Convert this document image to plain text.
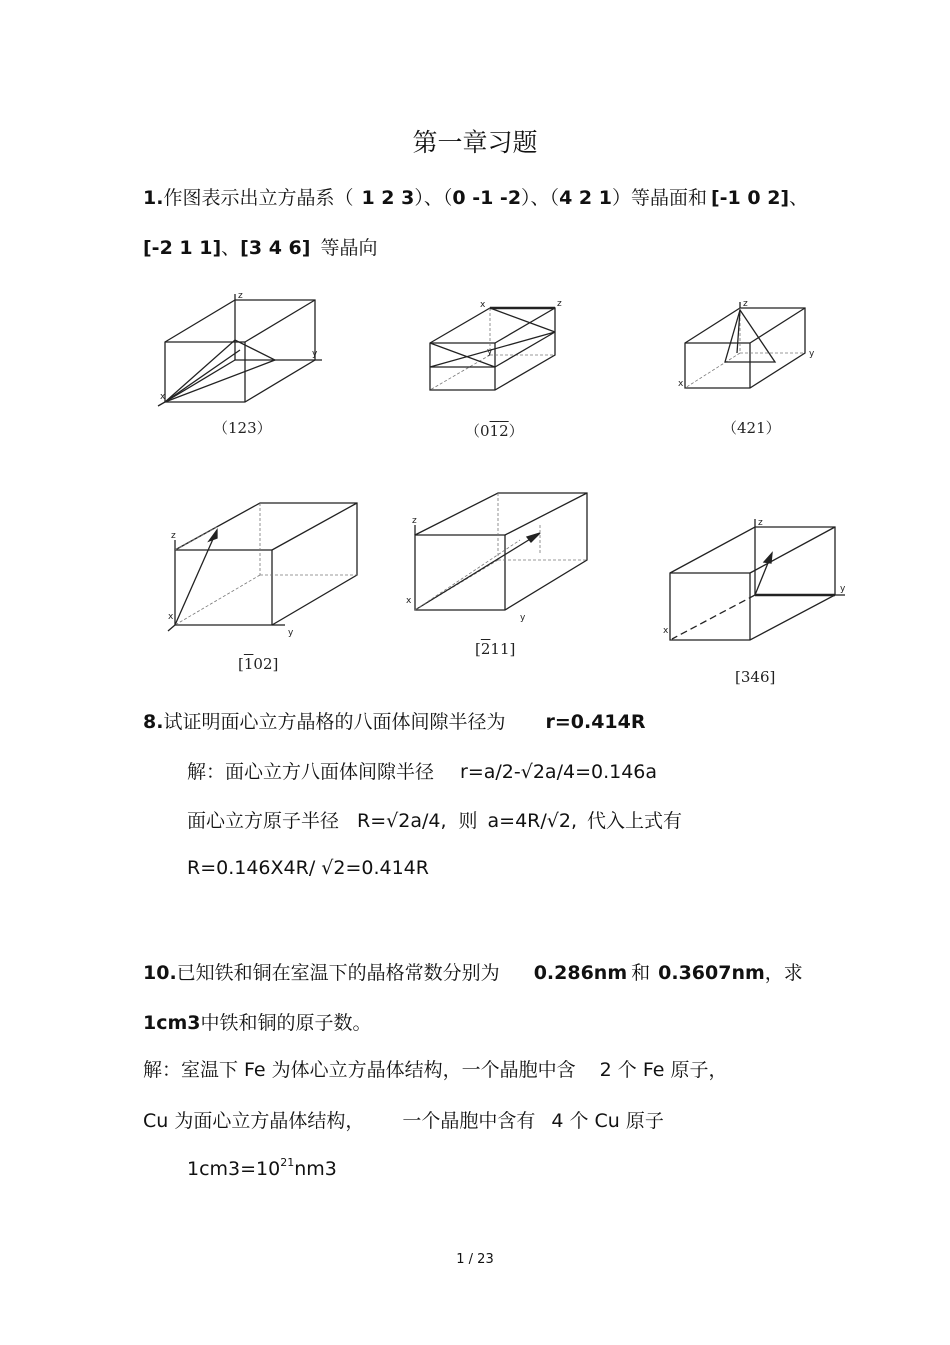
第一章习题
1.作图表示出立方晶系（ 1 2 3）、（0 -1 -2）、（4 2 1）等晶面和 [-1 0 2]、
[-2 1 1]、[3 4 6] 等晶向
z
y
x
（123）
x	z
y
（012）
z
y
x
（421）
z
y
x
[102]
z
y
x
[211]
z
y
x
[346]
8.试证明面心立方晶格的八面体间隙半径为 r=0.414R
解：面心立方八面体间隙半径 r=a/2-√2a/4=0.146a
面心立方原子半径 R=√2a/4, 则 a=4R/√2, 代入上式有
R=0.146X4R/ √2=0.414R
10.已知铁和铜在室温下的晶格常数分别为 0.286nm 和 0.3607nm，求
1cm3中铁和铜的原子数。
解：室温下 Fe 为体心立方晶体结构，一个晶胞中含 2 个 Fe 原子，
Cu 为面心立方晶体结构， 一个晶胞中含有 4 个 Cu 原子
$1cm3=10^{21}nm3$
1 / 23
